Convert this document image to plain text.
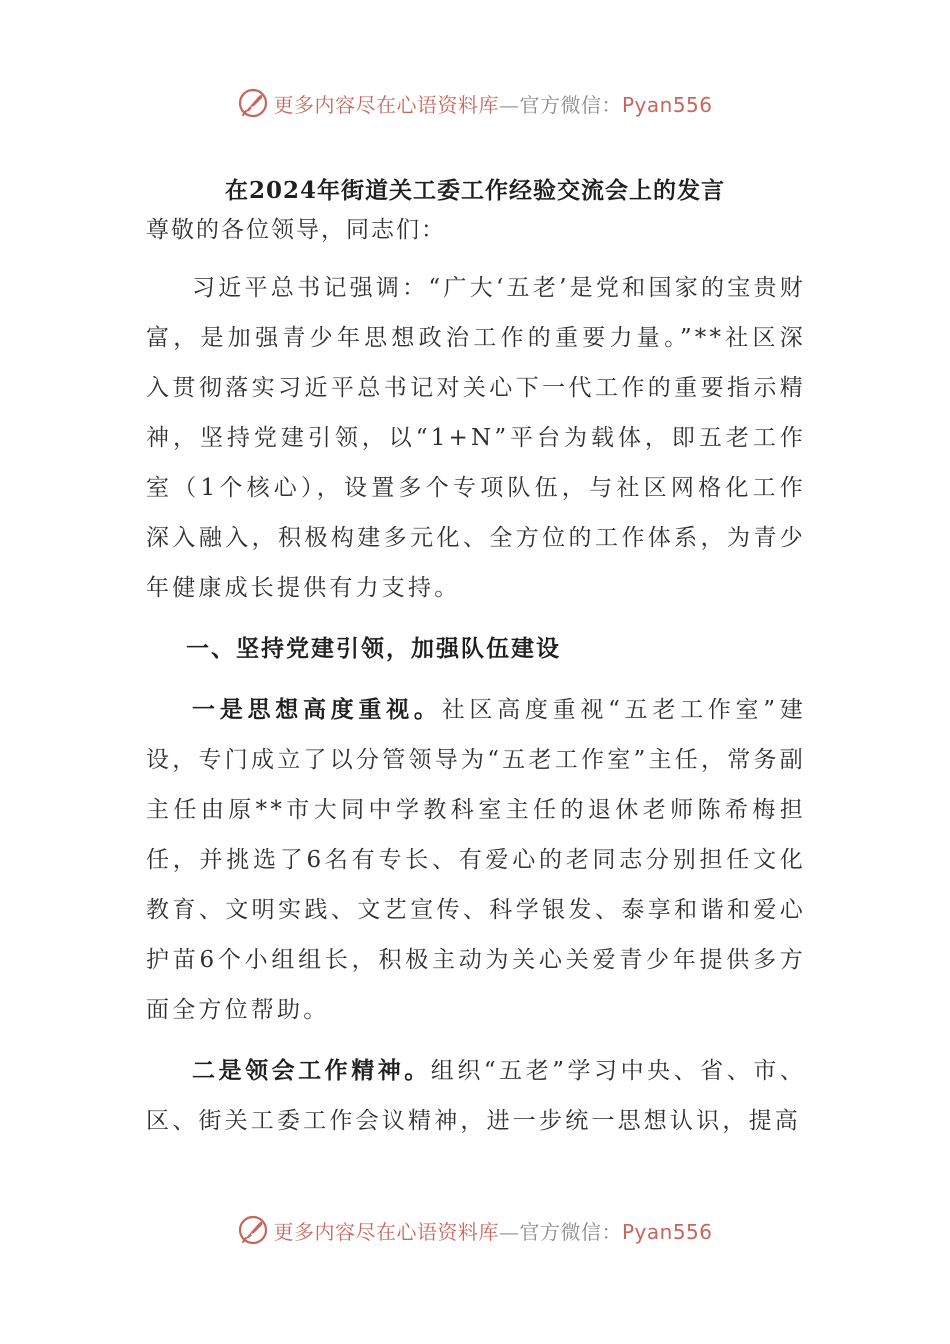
更多内容尽在心语资料库—官方微信：Pyan556
在2024年街道关工委工作经验交流会上的发言

尊敬的各位领导，同志们：

习近平总书记强调：“广大‘五老’是党和国家的宝贵财富，是加强青少年思想政治工作的重要力量。”**社区深入贯彻落实习近平总书记对关心下一代工作的重要指示精神，坚持党建引领，以“1+N”平台为载体，即五老工作室（1个核心），设置多个专项队伍，与社区网格化工作深入融入，积极构建多元化、全方位的工作体系，为青少年健康成长提供有力支持。

一、坚持党建引领，加强队伍建设

一是思想高度重视。社区高度重视“五老工作室”建设，专门成立了以分管领导为“五老工作室”主任，常务副主任由原**市大同中学教科室主任的退休老师陈希梅担任，并挑选了6名有专长、有爱心的老同志分别担任文化教育、文明实践、文艺宣传、科学银发、泰享和谐和爱心护苗6个小组组长，积极主动为关心关爱青少年提供多方面全方位帮助。

二是领会工作精神。组织“五老”学习中央、省、市、区、街关工委工作会议精神，进一步统一思想认识，提高

更多内容尽在心语资料库—官方微信：Pyan556
